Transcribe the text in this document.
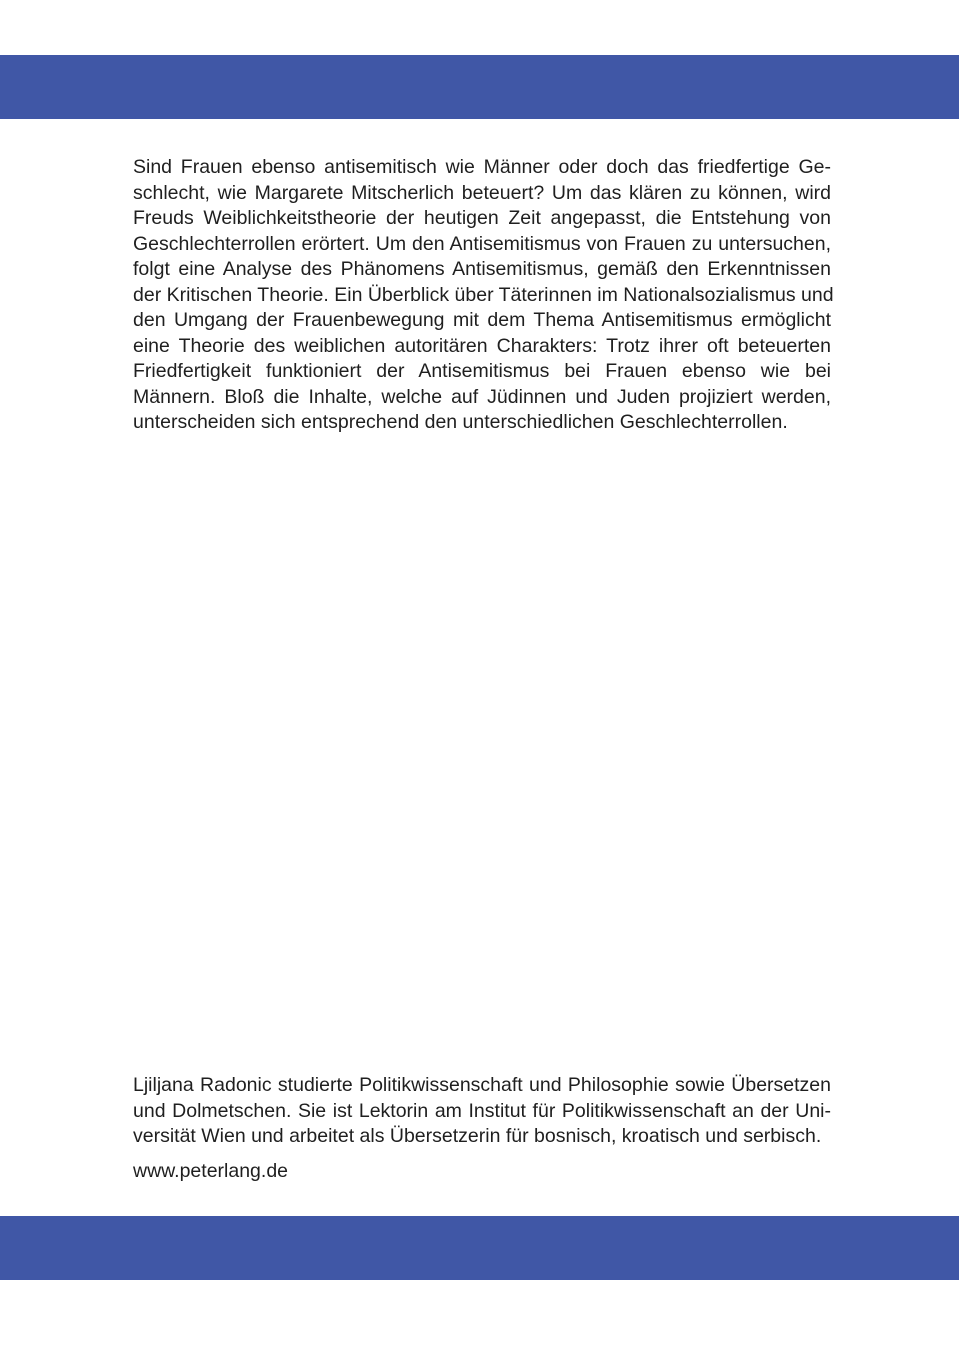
Sind Frauen ebenso antisemitisch wie Männer oder doch das friedfertige Ge-
schlecht, wie Margarete Mitscherlich beteuert? Um das klären zu können, wird
Freuds Weiblichkeitstheorie der heutigen Zeit angepasst, die Entstehung von
Geschlechterrollen erörtert. Um den Antisemitismus von Frauen zu untersuchen,
folgt eine Analyse des Phänomens Antisemitismus, gemäß den Erkenntnissen
der Kritischen Theorie. Ein Überblick über Täterinnen im Nationalsozialismus und
den Umgang der Frauenbewegung mit dem Thema Antisemitismus ermöglicht
eine Theorie des weiblichen autoritären Charakters: Trotz ihrer oft beteuerten
Friedfertigkeit funktioniert der Antisemitismus bei Frauen ebenso wie bei
Männern. Bloß die Inhalte, welche auf Jüdinnen und Juden projiziert werden,
unterscheiden sich entsprechend den unterschiedlichen Geschlechterrollen.
Ljiljana Radonic studierte Politikwissenschaft und Philosophie sowie Übersetzen
und Dolmetschen. Sie ist Lektorin am Institut für Politikwissenschaft an der Uni-
versität Wien und arbeitet als Übersetzerin für bosnisch, kroatisch und serbisch.
www.peterlang.de
